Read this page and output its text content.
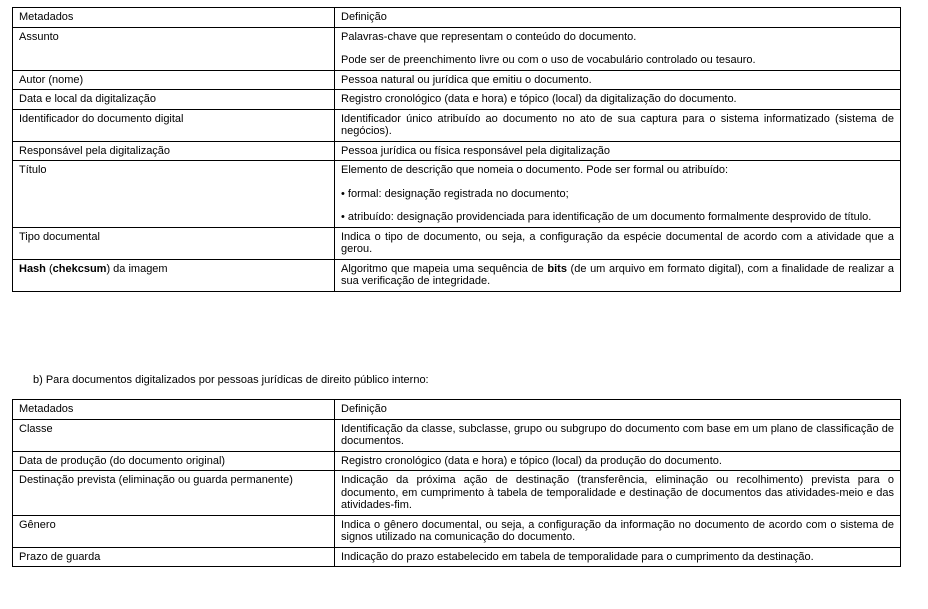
Metadados	Definição
Assunto	Palavras-chave que representam o conteúdo do documento.

Pode ser de preenchimento livre ou com o uso de vocabulário controlado ou tesauro.

Autor (nome)	Pessoa natural ou jurídica que emitiu o documento.

Data e local da digitalização	Registro cronológico (data e hora) e tópico (local) da digitalização do documento.

Identificador do documento digital	Identificador único atribuído ao documento no ato de sua captura para o sistema informatizado (sistema de negócios).

Responsável pela digitalização	Pessoa jurídica ou física responsável pela digitalização

Título	Elemento de descrição que nomeia o documento. Pode ser formal ou atribuído:

• formal: designação registrada no documento;

• atribuído: designação providenciada para identificação de um documento formalmente desprovido de título.

Tipo documental	Indica o tipo de documento, ou seja, a configuração da espécie documental de acordo com a atividade que a gerou.

Hash (chekcsum) da imagem	Algoritmo que mapeia uma sequência de bits (de um arquivo em formato digital), com a finalidade de realizar a sua verificação de integridade.
b) Para documentos digitalizados por pessoas jurídicas de direito público interno:
Metadados	Definição
Classe	Identificação da classe, subclasse, grupo ou subgrupo do documento com base em um plano de classificação de documentos.
Data de produção (do documento original)	Registro cronológico (data e hora) e tópico (local) da produção do documento.
Destinação prevista (eliminação ou guarda permanente)	Indicação da próxima ação de destinação (transferência, eliminação ou recolhimento) prevista para o documento, em cumprimento à tabela de temporalidade e destinação de documentos das atividades-meio e das atividades-fim.
Gênero	Indica o gênero documental, ou seja, a configuração da informação no documento de acordo com o sistema de signos utilizado na comunicação do documento.
Prazo de guarda	Indicação do prazo estabelecido em tabela de temporalidade para o cumprimento da destinação.
